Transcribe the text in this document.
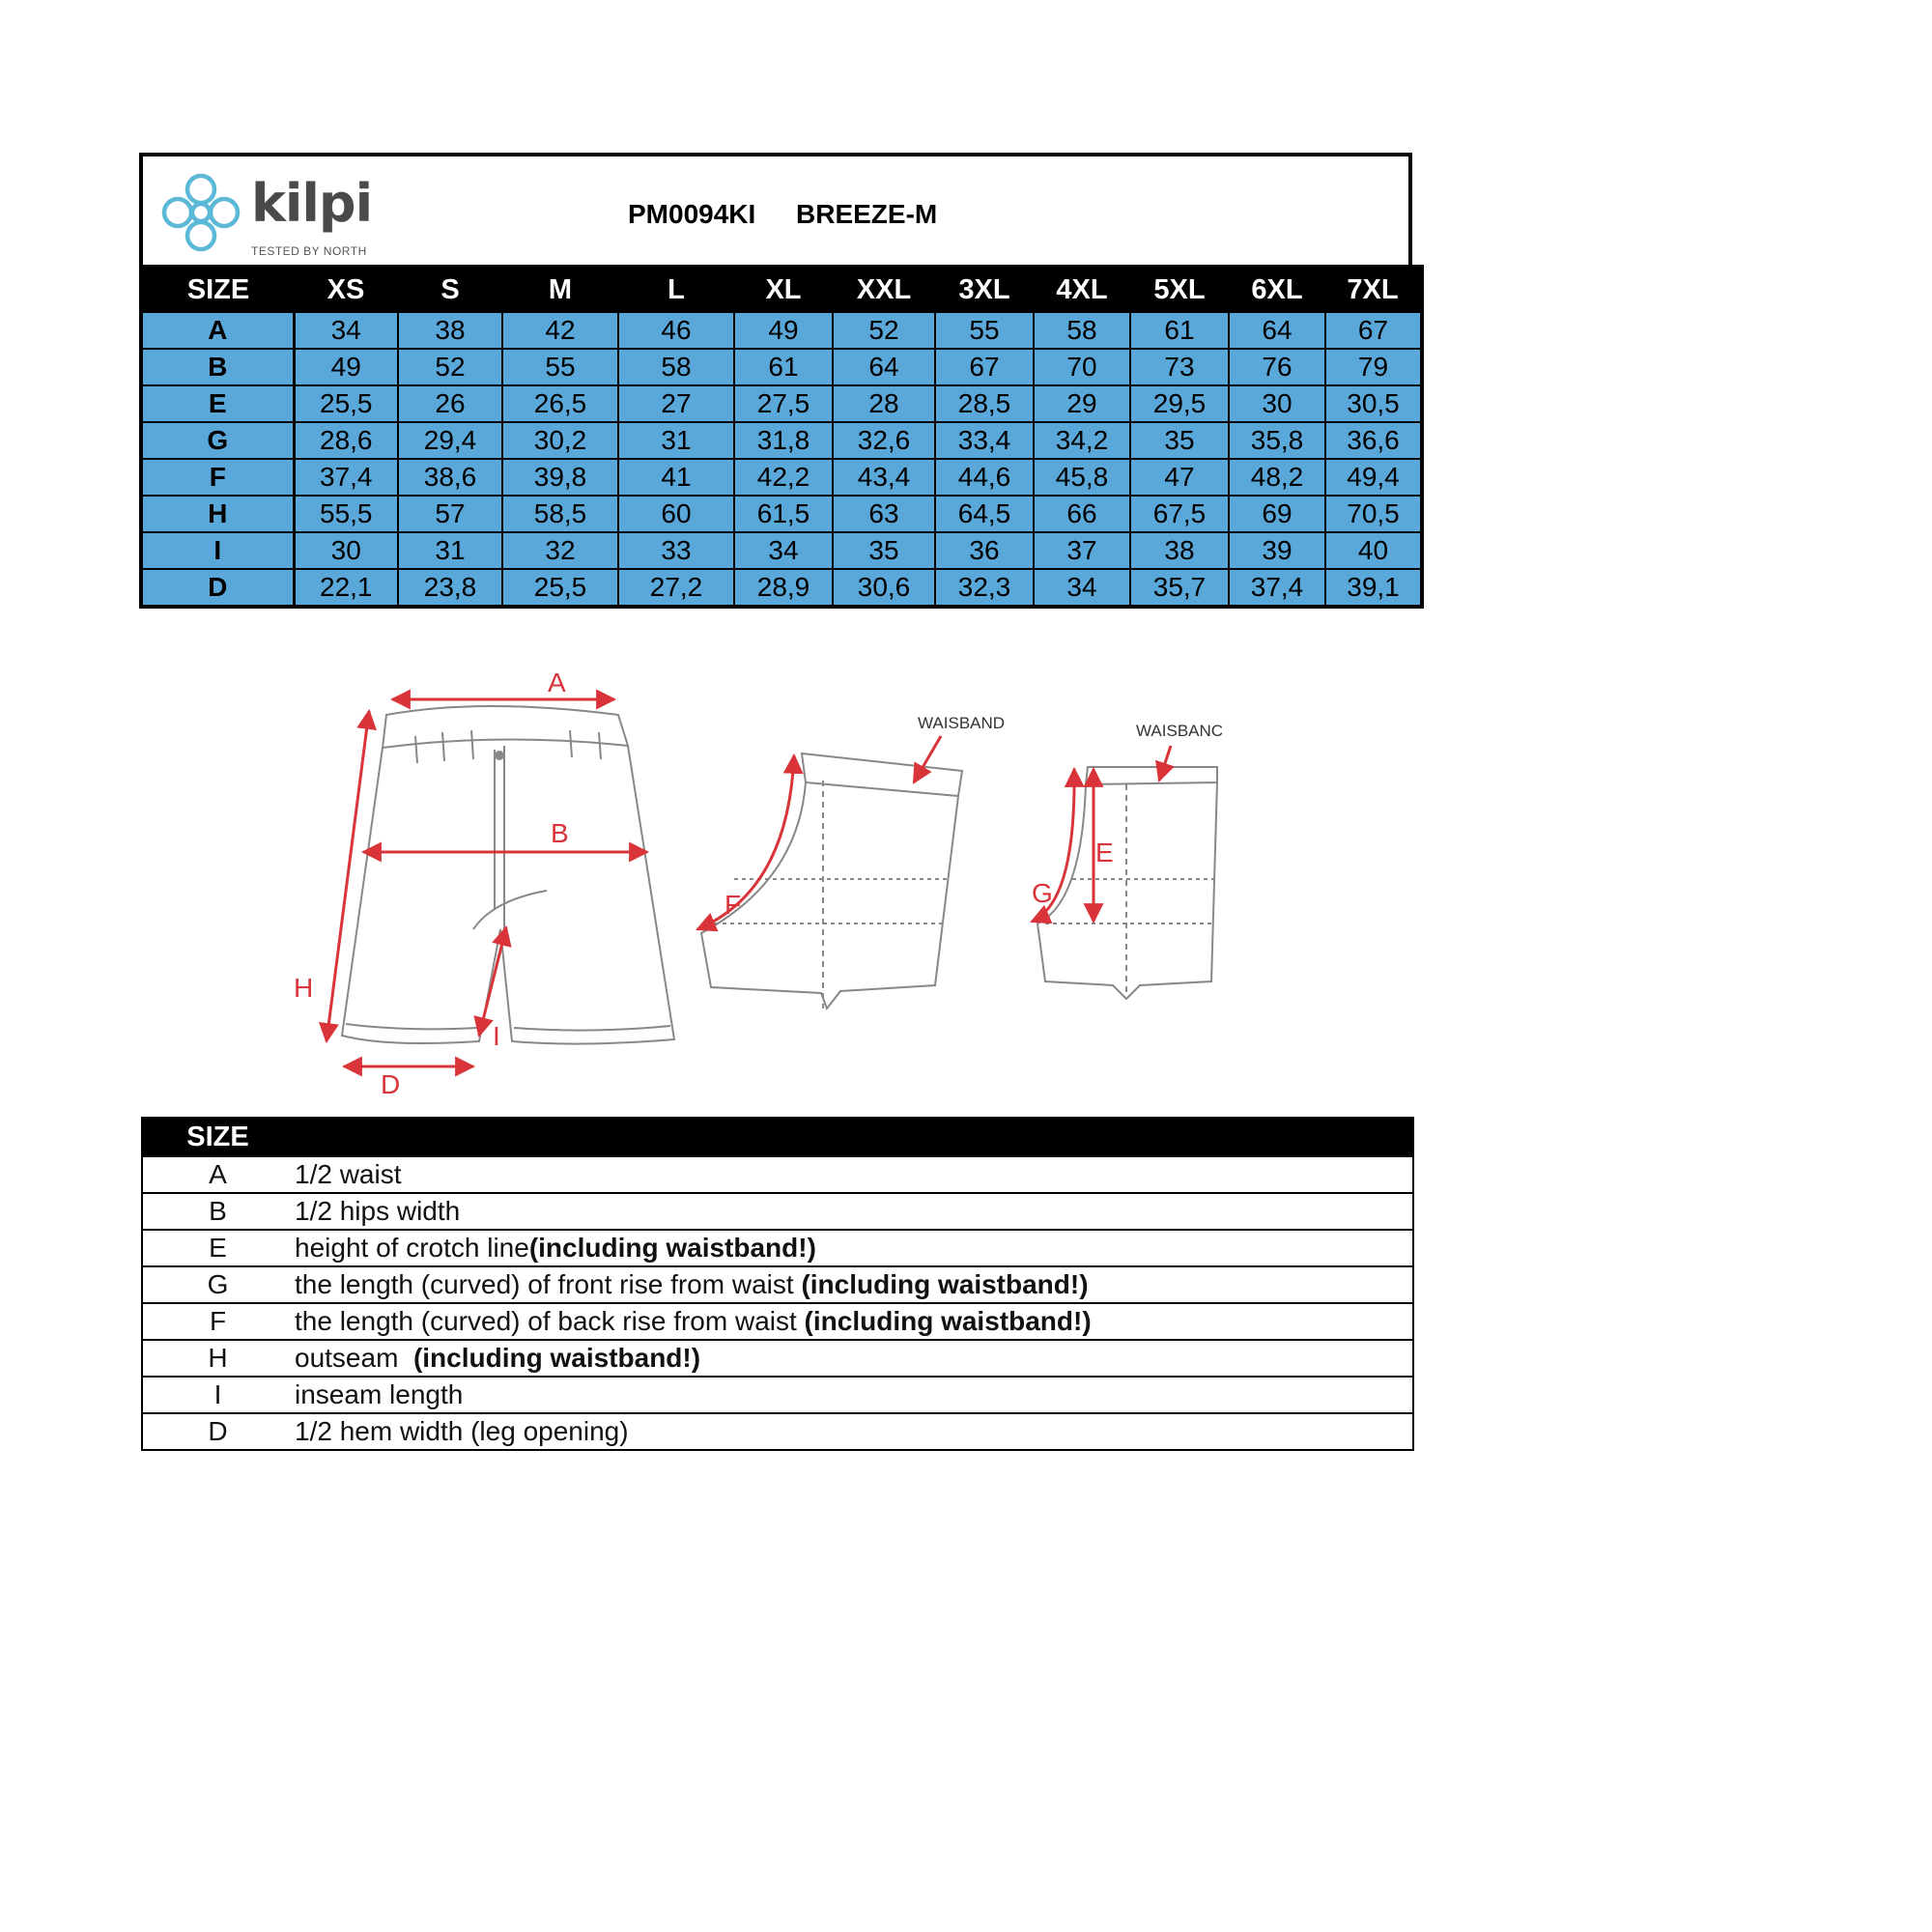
kilpi
TESTED BY NORTH
PM0094KI BREEZE-M
SIZE	XS	S	M	L	XL	XXL	3XL	4XL	5XL	6XL	7XL
A	34	38	42	46	49	52	55	58	61	64	67
B	49	52	55	58	61	64	67	70	73	76	79
E	25,5	26	26,5	27	27,5	28	28,5	29	29,5	30	30,5
G	28,6	29,4	30,2	31	31,8	32,6	33,4	34,2	35	35,8	36,6
F	37,4	38,6	39,8	41	42,2	43,4	44,6	45,8	47	48,2	49,4
H	55,5	57	58,5	60	61,5	63	64,5	66	67,5	69	70,5
I	30	31	32	33	34	35	36	37	38	39	40
D	22,1	23,8	25,5	27,2	28,9	30,6	32,3	34	35,7	37,4	39,1
A
B
H
I
D
F
WAISBAND
G
E
WAISBANC
SIZE	
A	1/2 waist
B	1/2 hips width
E	height of crotch line(including waistband!)
G	the length (curved) of front rise from waist (including waistband!)
F	the length (curved) of back rise from waist (including waistband!)
H	outseam  (including waistband!)
I	inseam length
D	1/2 hem width (leg opening)
